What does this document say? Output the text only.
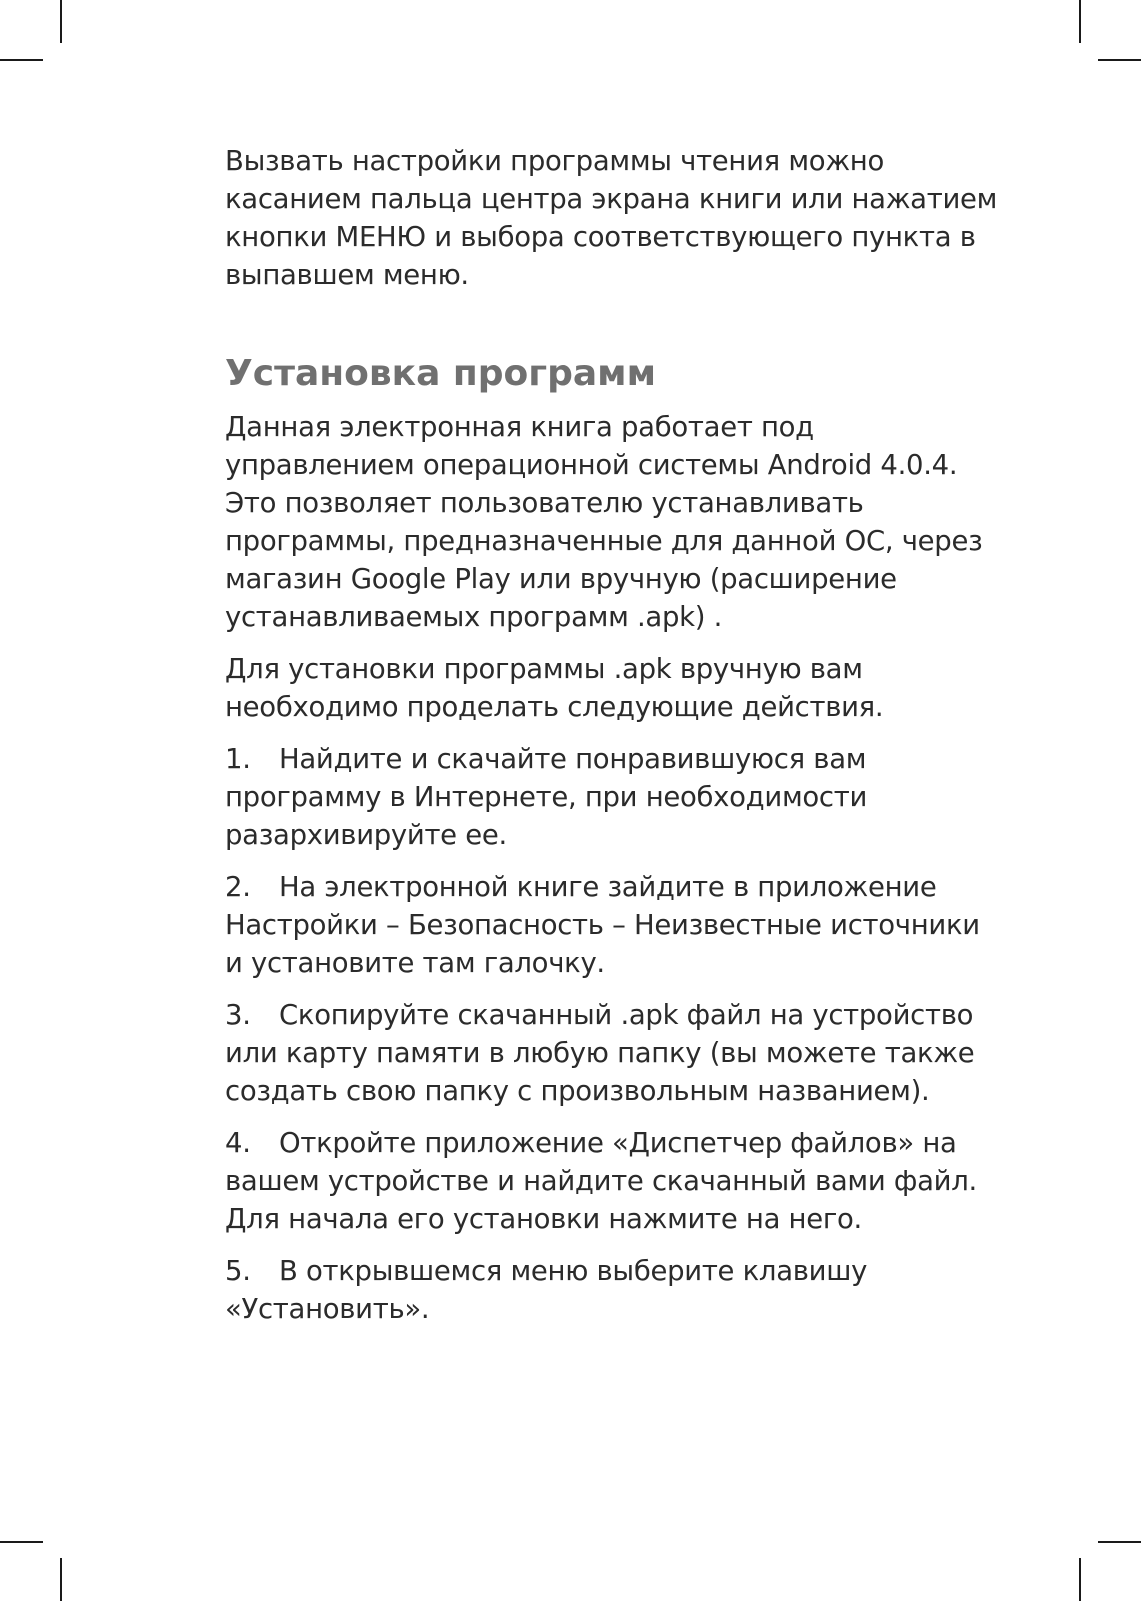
Вызвать настройки программы чтения можно касанием пальца центра экрана книги или нажатием кнопки МЕНЮ и выбора соответствующего пункта в выпавшем меню.

Установка программ

Данная электронная книга работает под управлением операционной системы Android 4.0.4. Это позволяет пользователю устанавливать программы, предназначенные для данной ОС, через магазин Google Play или вручную (расширение устанавливаемых программ .apk) .

Для установки программы .apk вручную вам необходимо проделать следующие действия.

1. Найдите и скачайте понравившуюся вам программу в Интернете, при необходимости разархивируйте ее.

2. На электронной книге зайдите в приложение Настройки – Безопасность – Неизвестные источники и установите там галочку.

3. Скопируйте скачанный .apk файл на устройство или карту памяти в любую папку (вы можете также создать свою папку с произвольным названием).

4. Откройте приложение «Диспетчер файлов» на вашем устройстве и найдите скачанный вами файл. Для начала его установки нажмите на него.

5. В открывшемся меню выберите клавишу «Установить».
